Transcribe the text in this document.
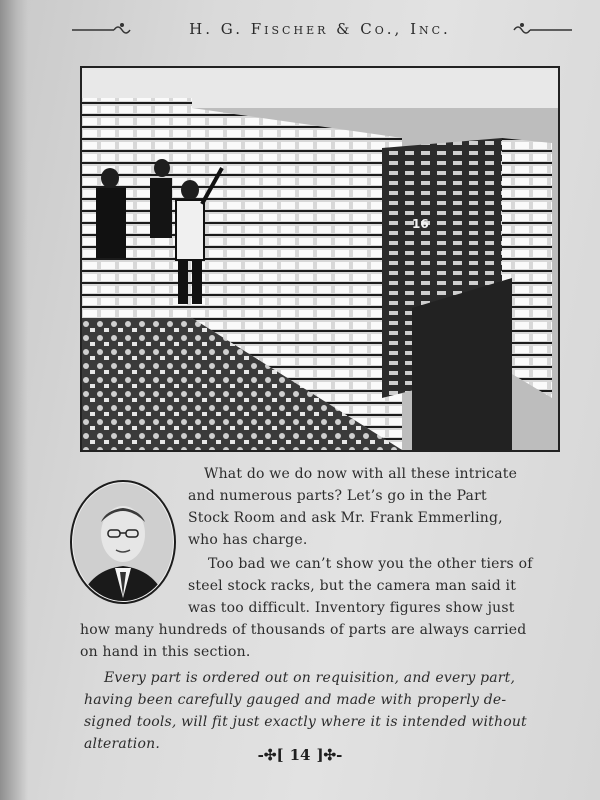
H. G. Fischer & Co., Inc.
16
What do we do now with all these intricate
and numerous parts? Let’s go in the Part
Stock Room and ask Mr. Frank Emmerling,
who has charge.
Too bad we can’t show you the other tiers of
steel stock racks, but the camera man said it
was too difficult. Inventory figures show just
how many hundreds of thousands of parts are always carried
on hand in this section.
Every part is ordered out on requisition, and every part,
having been carefully gauged and made with properly de-
signed tools, will fit just exactly where it is intended without
alteration.
-✣[ 14 ]✣-
